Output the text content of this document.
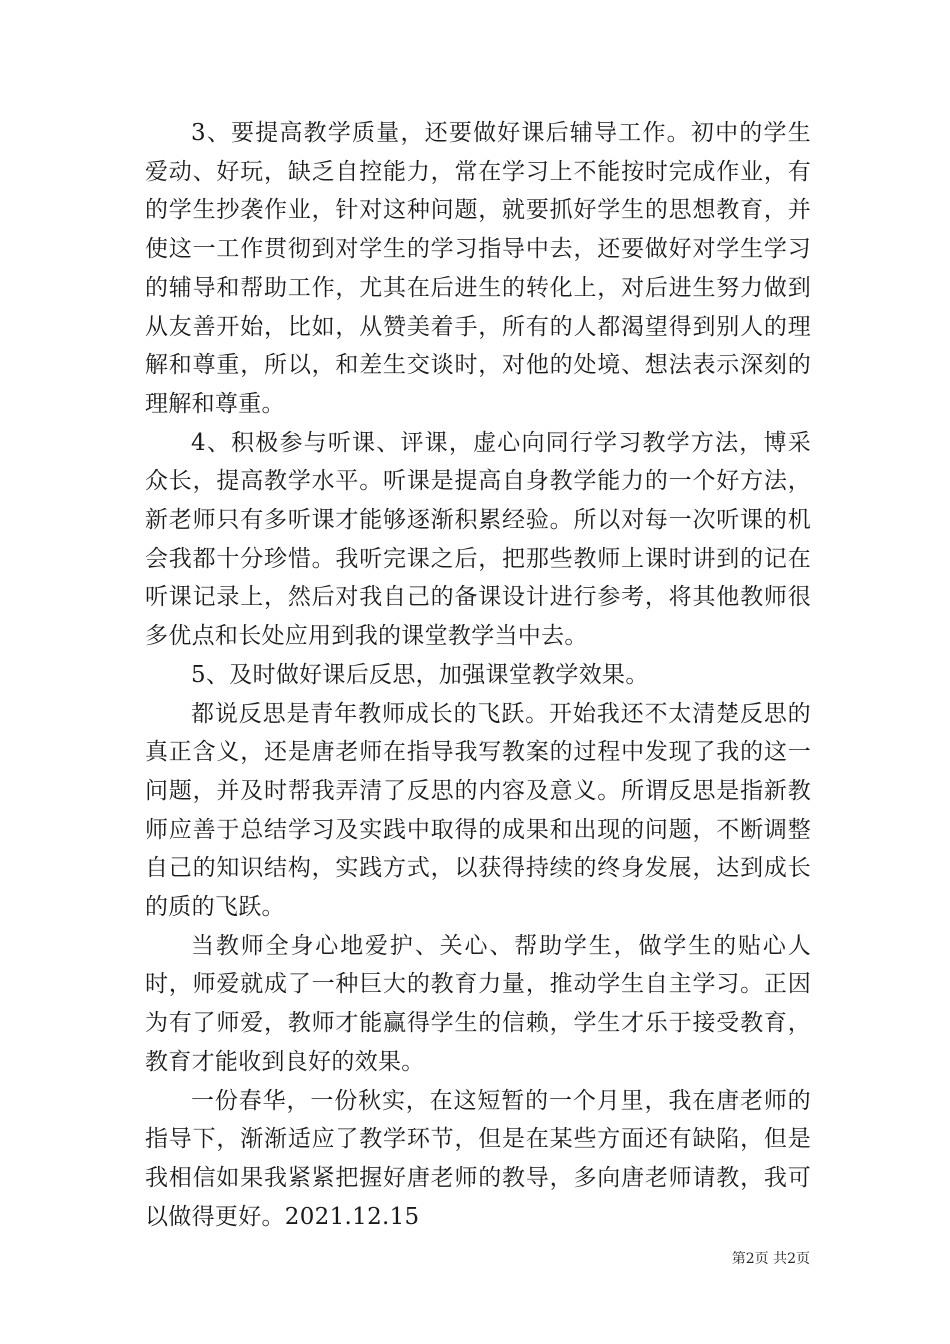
3、要提高教学质量，还要做好课后辅导工作。初中的学生爱动、好玩，缺乏自控能力，常在学习上不能按时完成作业，有的学生抄袭作业，针对这种问题，就要抓好学生的思想教育，并使这一工作贯彻到对学生的学习指导中去，还要做好对学生学习的辅导和帮助工作，尤其在后进生的转化上，对后进生努力做到从友善开始，比如，从赞美着手，所有的人都渴望得到别人的理解和尊重，所以，和差生交谈时，对他的处境、想法表示深刻的理解和尊重。

4、积极参与听课、评课，虚心向同行学习教学方法，博采众长，提高教学水平。听课是提高自身教学能力的一个好方法，新老师只有多听课才能够逐渐积累经验。所以对每一次听课的机会我都十分珍惜。我听完课之后，把那些教师上课时讲到的记在听课记录上，然后对我自己的备课设计进行参考，将其他教师很多优点和长处应用到我的课堂教学当中去。

5、及时做好课后反思，加强课堂教学效果。

都说反思是青年教师成长的飞跃。开始我还不太清楚反思的真正含义，还是唐老师在指导我写教案的过程中发现了我的这一问题，并及时帮我弄清了反思的内容及意义。所谓反思是指新教师应善于总结学习及实践中取得的成果和出现的问题，不断调整自己的知识结构，实践方式，以获得持续的终身发展，达到成长的质的飞跃。

当教师全身心地爱护、关心、帮助学生，做学生的贴心人时，师爱就成了一种巨大的教育力量，推动学生自主学习。正因为有了师爱，教师才能赢得学生的信赖，学生才乐于接受教育，教育才能收到良好的效果。

一份春华，一份秋实，在这短暂的一个月里，我在唐老师的指导下，渐渐适应了教学环节，但是在某些方面还有缺陷，但是我相信如果我紧紧把握好唐老师的教导，多向唐老师请教，我可以做得更好。2021.12.15

第2页 共2页
